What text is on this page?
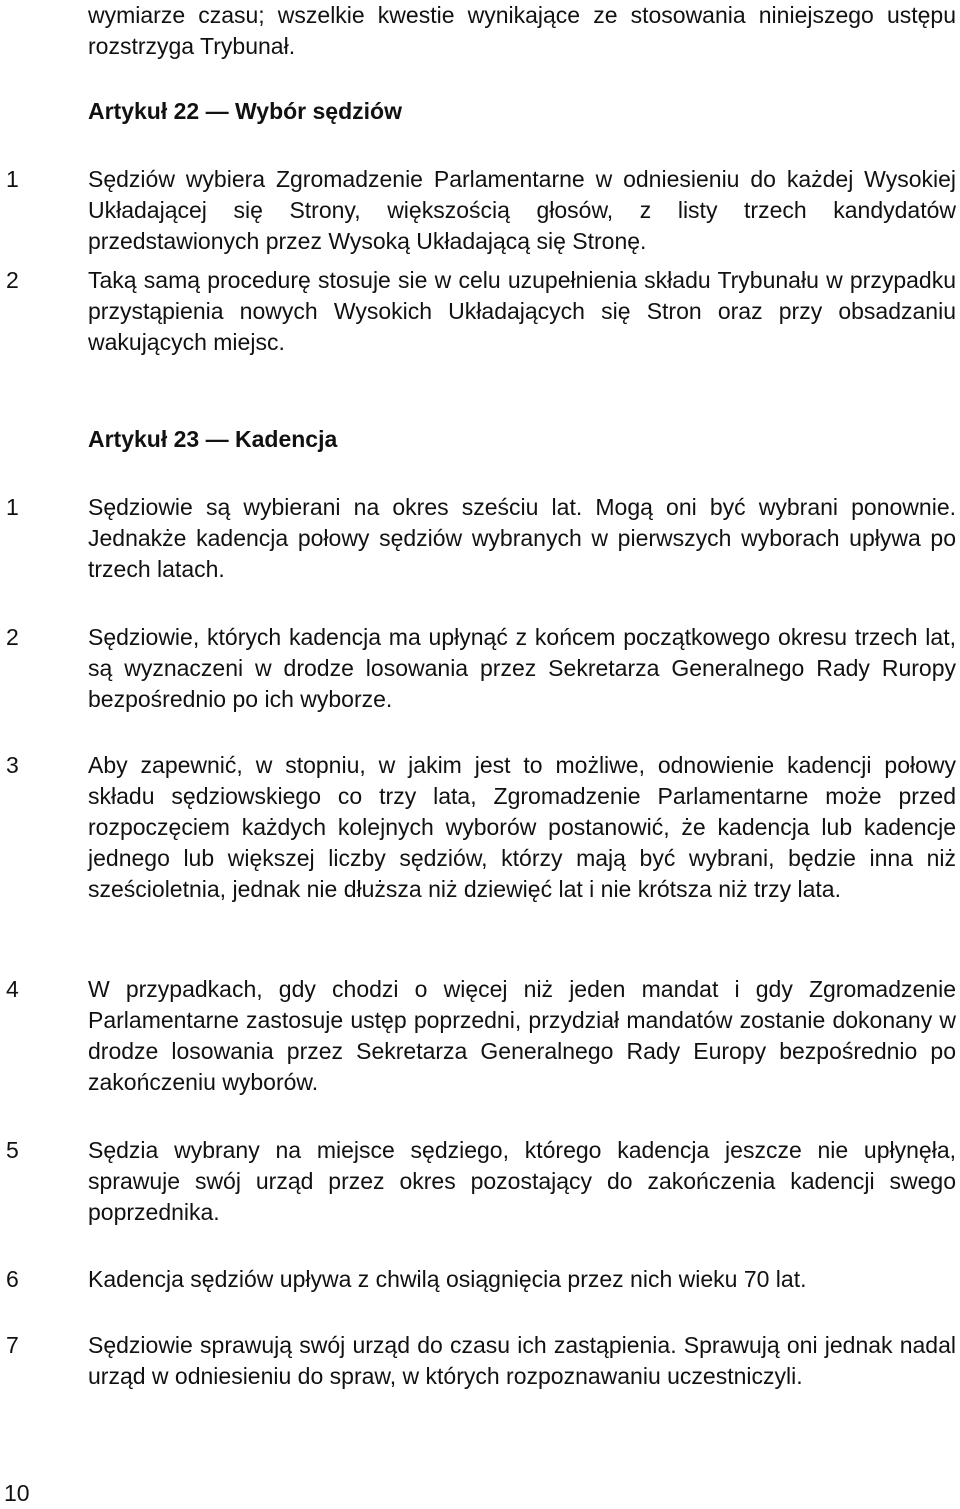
wymiarze czasu; wszelkie kwestie wynikające ze stosowania niniejszego ustępu rozstrzyga Trybunał.
Artykuł 22 — Wybór sędziów
1	Sędziów wybiera Zgromadzenie Parlamentarne w odniesieniu do każdej Wysokiej Układającej się Strony, większością głosów, z listy trzech kandydatów przedstawionych przez Wysoką Układającą się Stronę.
2	Taką samą procedurę stosuje sie w celu uzupełnienia składu Trybunału w przypadku przystąpienia nowych Wysokich Układających się Stron oraz przy obsadzaniu wakujących miejsc.
Artykuł 23 — Kadencja
1	Sędziowie są wybierani na okres sześciu lat. Mogą oni być wybrani ponownie. Jednakże kadencja połowy sędziów wybranych w pierwszych wyborach upływa po trzech latach.
2	Sędziowie, których kadencja ma upłynąć z końcem początkowego okresu trzech lat, są wyznaczeni w drodze losowania przez Sekretarza Generalnego Rady Ruropy bezpośrednio po ich wyborze.
3	Aby zapewnić, w stopniu, w jakim jest to możliwe, odnowienie kadencji połowy składu sędziowskiego co trzy lata, Zgromadzenie Parlamentarne może przed rozpoczęciem każdych kolejnych wyborów postanowić, że kadencja lub kadencje jednego lub większej liczby sędziów, którzy mają być wybrani, będzie inna niż sześcioletnia, jednak nie dłuższa niż dziewięć lat i nie krótsza niż trzy lata.
4	W przypadkach, gdy chodzi o więcej niż jeden mandat i gdy Zgromadzenie Parlamentarne zastosuje ustęp poprzedni, przydział mandatów zostanie dokonany w drodze losowania przez Sekretarza Generalnego Rady Europy bezpośrednio po zakończeniu wyborów.
5	Sędzia wybrany na miejsce sędziego, którego kadencja jeszcze nie upłynęła, sprawuje swój urząd przez okres pozostający do zakończenia kadencji swego poprzednika.
6	Kadencja sędziów upływa z chwilą osiągnięcia przez nich wieku 70 lat.
7	Sędziowie sprawują swój urząd do czasu ich zastąpienia. Sprawują oni jednak nadal urząd w odniesieniu do spraw, w których rozpoznawaniu uczestniczyli.
10
